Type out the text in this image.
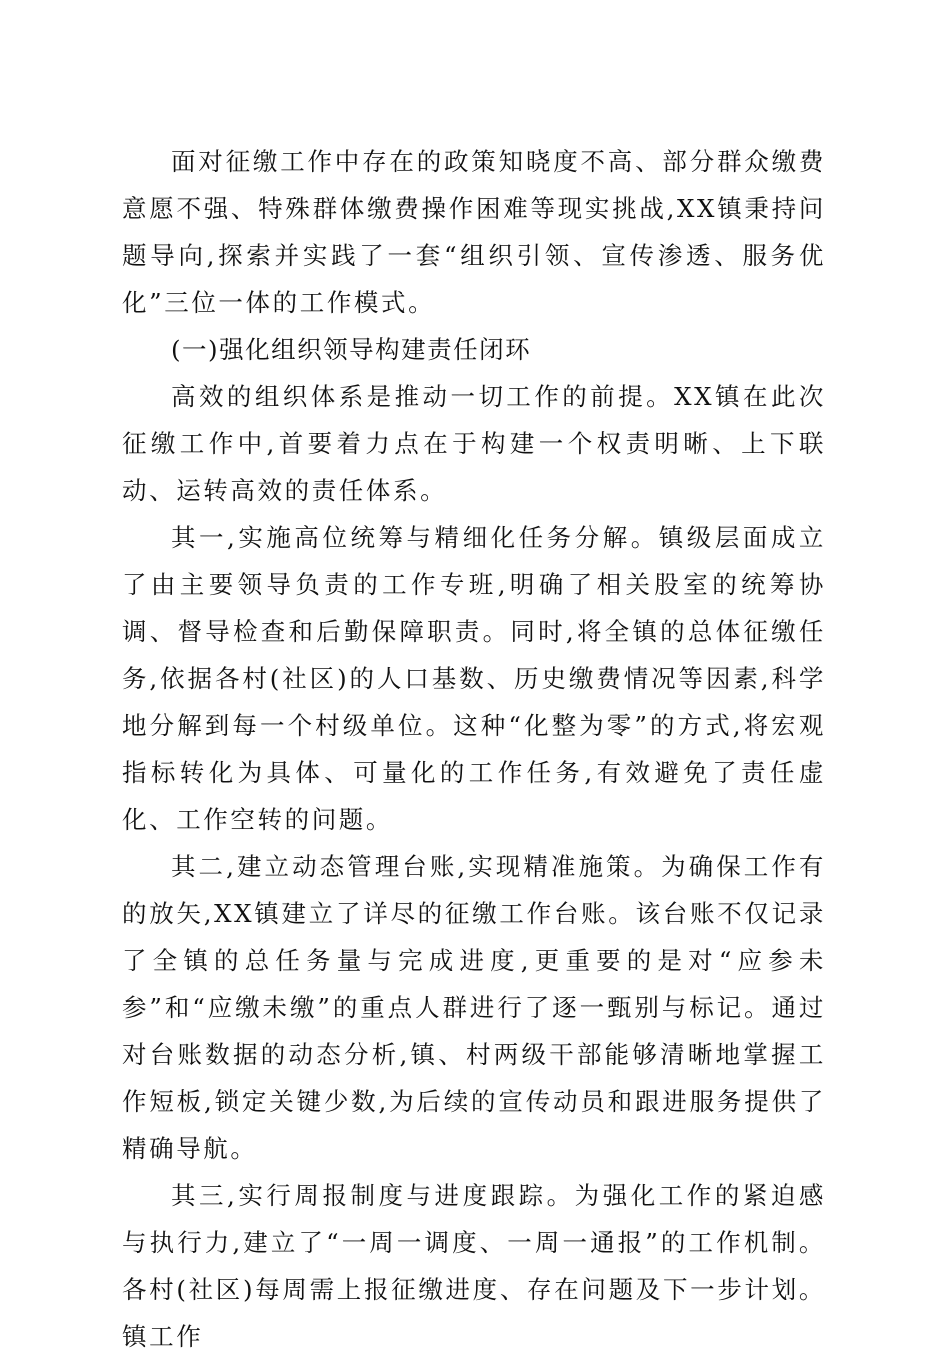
面对征缴工作中存在的政策知晓度不高、部分群众缴费意愿不强、特殊群体缴费操作困难等现实挑战,XX镇秉持问题导向,探索并实践了一套“组织引领、宣传渗透、服务优化”三位一体的工作模式。

(一)强化组织领导构建责任闭环

高效的组织体系是推动一切工作的前提。XX镇在此次征缴工作中,首要着力点在于构建一个权责明晰、上下联动、运转高效的责任体系。

其一,实施高位统筹与精细化任务分解。镇级层面成立了由主要领导负责的工作专班,明确了相关股室的统筹协调、督导检查和后勤保障职责。同时,将全镇的总体征缴任务,依据各村(社区)的人口基数、历史缴费情况等因素,科学地分解到每一个村级单位。这种“化整为零”的方式,将宏观指标转化为具体、可量化的工作任务,有效避免了责任虚化、工作空转的问题。

其二,建立动态管理台账,实现精准施策。为确保工作有的放矢,XX镇建立了详尽的征缴工作台账。该台账不仅记录了全镇的总任务量与完成进度,更重要的是对“应参未参”和“应缴未缴”的重点人群进行了逐一甄别与标记。通过对台账数据的动态分析,镇、村两级干部能够清晰地掌握工作短板,锁定关键少数,为后续的宣传动员和跟进服务提供了精确导航。

其三,实行周报制度与进度跟踪。为强化工作的紧迫感与执行力,建立了“一周一调度、一周一通报”的工作机制。各村(社区)每周需上报征缴进度、存在问题及下一步计划。镇工作
